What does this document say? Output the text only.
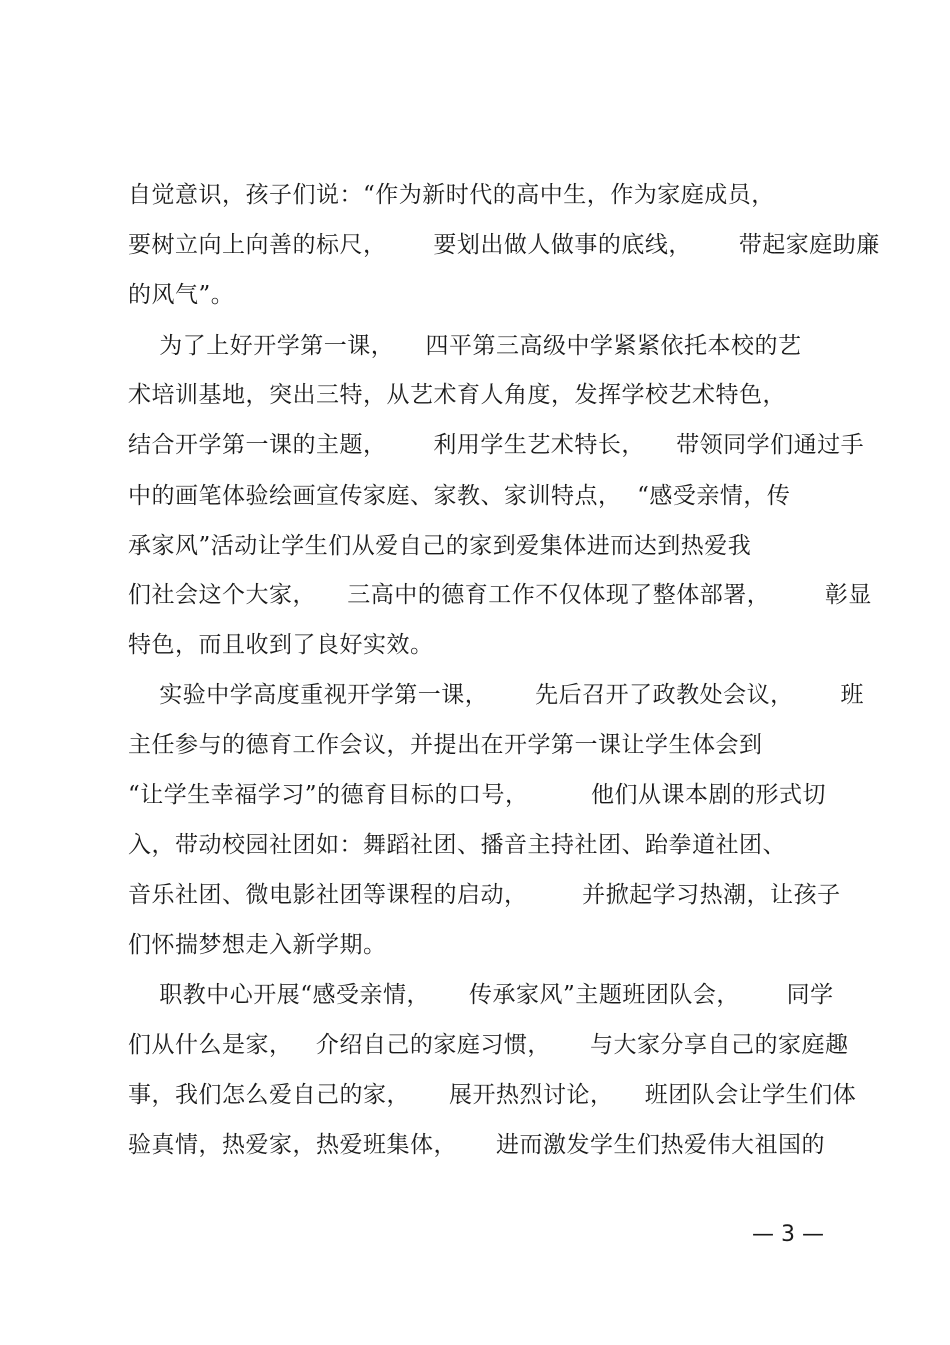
自觉意识，孩子们说：“作为新时代的高中生，作为家庭成员，
要树立向上向善的标尺，      要划出做人做事的底线，      带起家庭助廉
的风气”。
为了上好开学第一课，    四平第三高级中学紧紧依托本校的艺
术培训基地，突出三特，从艺术育人角度，发挥学校艺术特色，
结合开学第一课的主题，      利用学生艺术特长，    带领同学们通过手
中的画笔体验绘画宣传家庭、家教、家训特点，  “感受亲情，传
承家风”活动让学生们从爱自己的家到爱集体进而达到热爱我
们社会这个大家，    三高中的德育工作不仅体现了整体部署，       彰显
特色，而且收到了良好实效。
实验中学高度重视开学第一课，      先后召开了政教处会议，      班
主任参与的德育工作会议，并提出在开学第一课让学生体会到
“让学生幸福学习”的德育目标的口号，        他们从课本剧的形式切
入，带动校园社团如：舞蹈社团、播音主持社团、跆拳道社团、
音乐社团、微电影社团等课程的启动，       并掀起学习热潮，让孩子
们怀揣梦想走入新学期。
职教中心开展“感受亲情，     传承家风”主题班团队会，      同学
们从什么是家，   介绍自己的家庭习惯，     与大家分享自己的家庭趣
事，我们怎么爱自己的家，     展开热烈讨论，    班团队会让学生们体
验真情，热爱家，热爱班集体，     进而激发学生们热爱伟大祖国的
— 3 —
